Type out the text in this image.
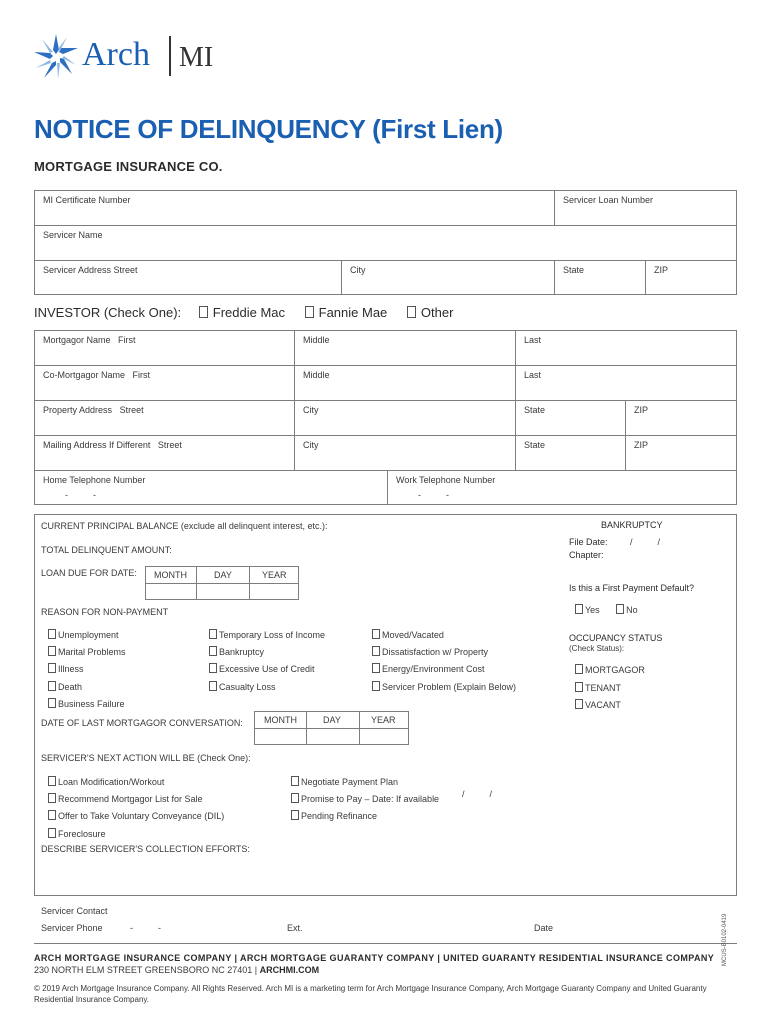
Arch MI
NOTICE OF DELINQUENCY (First Lien)
MORTGAGE INSURANCE CO.
MI Certificate Number	Servicer Loan Number
Servicer Name
Servicer Address Street	City	State	ZIP
INVESTOR (Check One): Freddie Mac	Fannie Mae	Other
Mortgagor Name First	Middle	Last
Co-Mortgagor Name First	Middle	Last
Property Address Street	City	State	ZIP
Mailing Address If Different Street	City	State	ZIP
Home Telephone Number
-          -
Work Telephone Number
-          -
CURRENT PRINCIPAL BALANCE (exclude all delinquent interest, etc.):
TOTAL DELINQUENT AMOUNT:
LOAN DUE FOR DATE: MONTH	DAY	YEAR
BANKRUPTCY
File Date: /          /
Chapter:
Is this a First Payment Default?
Yes	No
OCCUPANCY STATUS
(Check Status):
MORTGAGOR
TENANT
VACANT
REASON FOR NON-PAYMENT
Unemployment
Marital Problems
Illness
Death
Business Failure
Temporary Loss of Income
Bankruptcy
Excessive Use of Credit
Casualty Loss
Moved/Vacated
Dissatisfaction w/ Property
Energy/Environment Cost
Servicer Problem (Explain Below)
DATE OF LAST MORTGAGOR CONVERSATION: MONTH	DAY	YEAR
SERVICER'S NEXT ACTION WILL BE (Check One):
Loan Modification/Workout
Recommend Mortgagor List for Sale
Offer to Take Voluntary Conveyance (DIL)
Foreclosure
Negotiate Payment Plan
Promise to Pay – Date: If available	/          /
Pending Refinance
DESCRIBE SERVICER'S COLLECTION EFFORTS:
Servicer Contact
Servicer Phone	-          -	Ext.	Date
ARCH MORTGAGE INSURANCE COMPANY | ARCH MORTGAGE GUARANTY COMPANY | UNITED GUARANTY RESIDENTIAL INSURANCE COMPANY
230 NORTH ELM STREET GREENSBORO NC 27401 | ARCHMI.COM
© 2019 Arch Mortgage Insurance Company. All Rights Reserved. Arch MI is a marketing term for Arch Mortgage Insurance Company, Arch Mortgage Guaranty Company and United Guaranty Residential Insurance Company.
MCUS-B0102-0419
